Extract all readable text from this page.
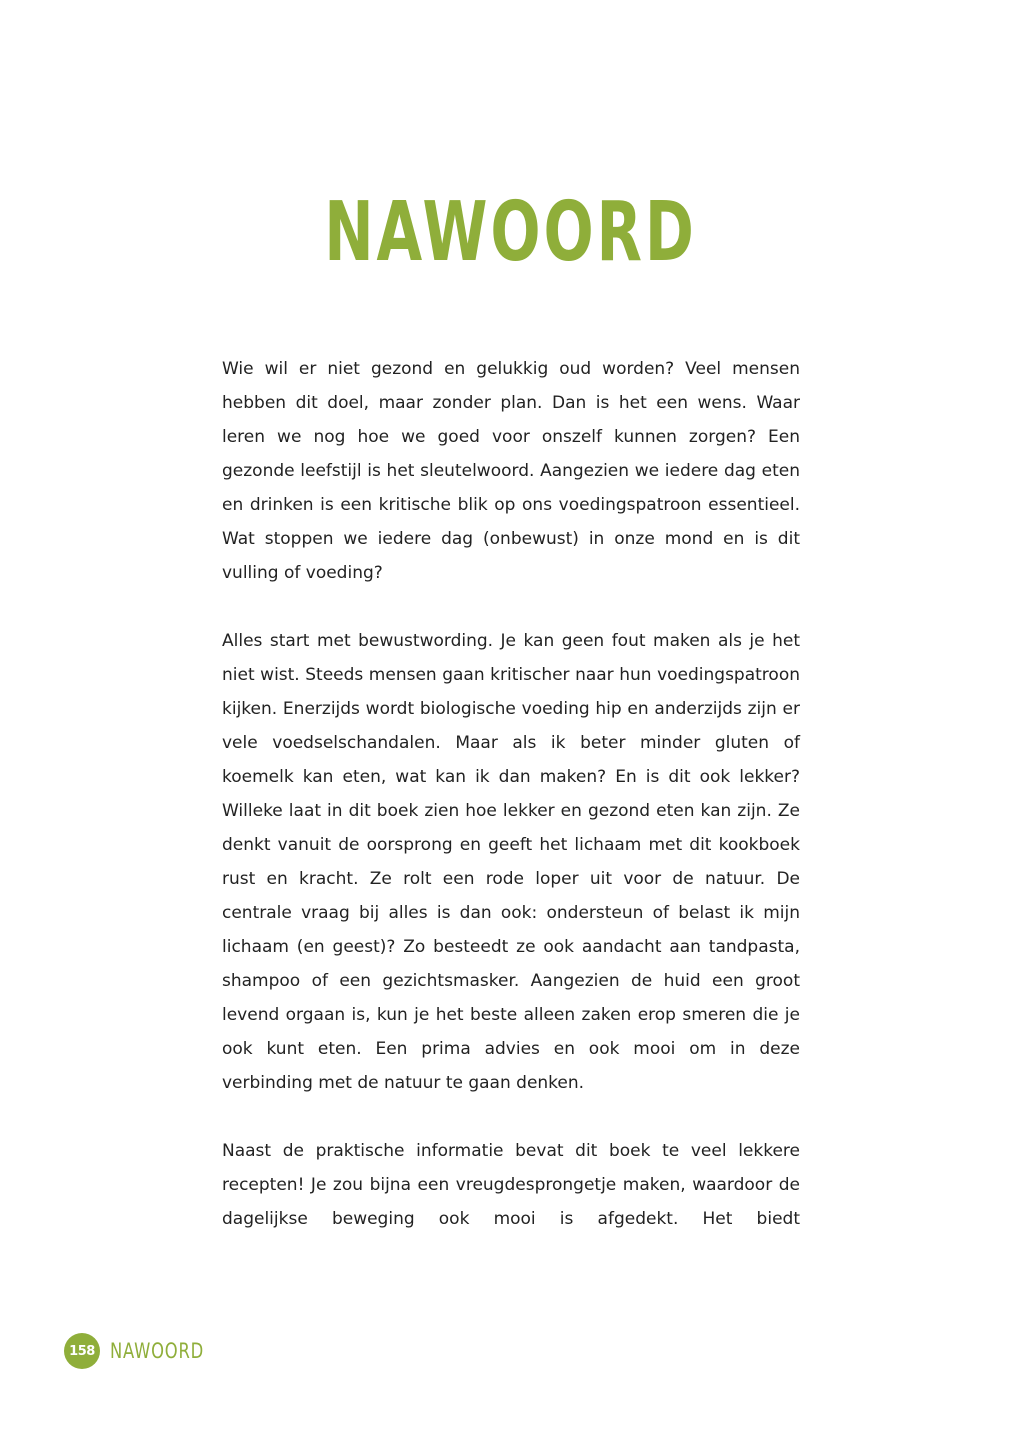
NAWOORD

Wie wil er niet gezond en gelukkig oud worden? Veel mensen hebben dit doel, maar zonder plan. Dan is het een wens. Waar leren we nog hoe we goed voor onszelf kunnen zorgen? Een gezonde leefstijl is het sleutelwoord. Aangezien we iedere dag eten en drinken is een kritische blik op ons voedingspatroon essentieel. Wat stoppen we iedere dag (onbewust) in onze mond en is dit vulling of voeding?

Alles start met bewustwording. Je kan geen fout maken als je het niet wist. Steeds mensen gaan kritischer naar hun voedingspatroon kijken. Enerzijds wordt biologische voeding hip en anderzijds zijn er vele voedselschandalen. Maar als ik beter minder gluten of koemelk kan eten, wat kan ik dan maken? En is dit ook lekker? Willeke laat in dit boek zien hoe lekker en gezond eten kan zijn. Ze denkt vanuit de oorsprong en geeft het lichaam met dit kookboek rust en kracht. Ze rolt een rode loper uit voor de natuur. De centrale vraag bij alles is dan ook: ondersteun of belast ik mijn lichaam (en geest)? Zo besteedt ze ook aandacht aan tandpasta, shampoo of een gezichtsmasker. Aangezien de huid een groot levend orgaan is, kun je het beste alleen zaken erop smeren die je ook kunt eten. Een prima advies en ook mooi om in deze verbinding met de natuur te gaan denken.

Naast de praktische informatie bevat dit boek te veel lekkere recepten! Je zou bijna een vreugdesprongetje maken, waardoor de dagelijkse beweging ook mooi is afgedekt. Het biedt

158 NAWOORD
